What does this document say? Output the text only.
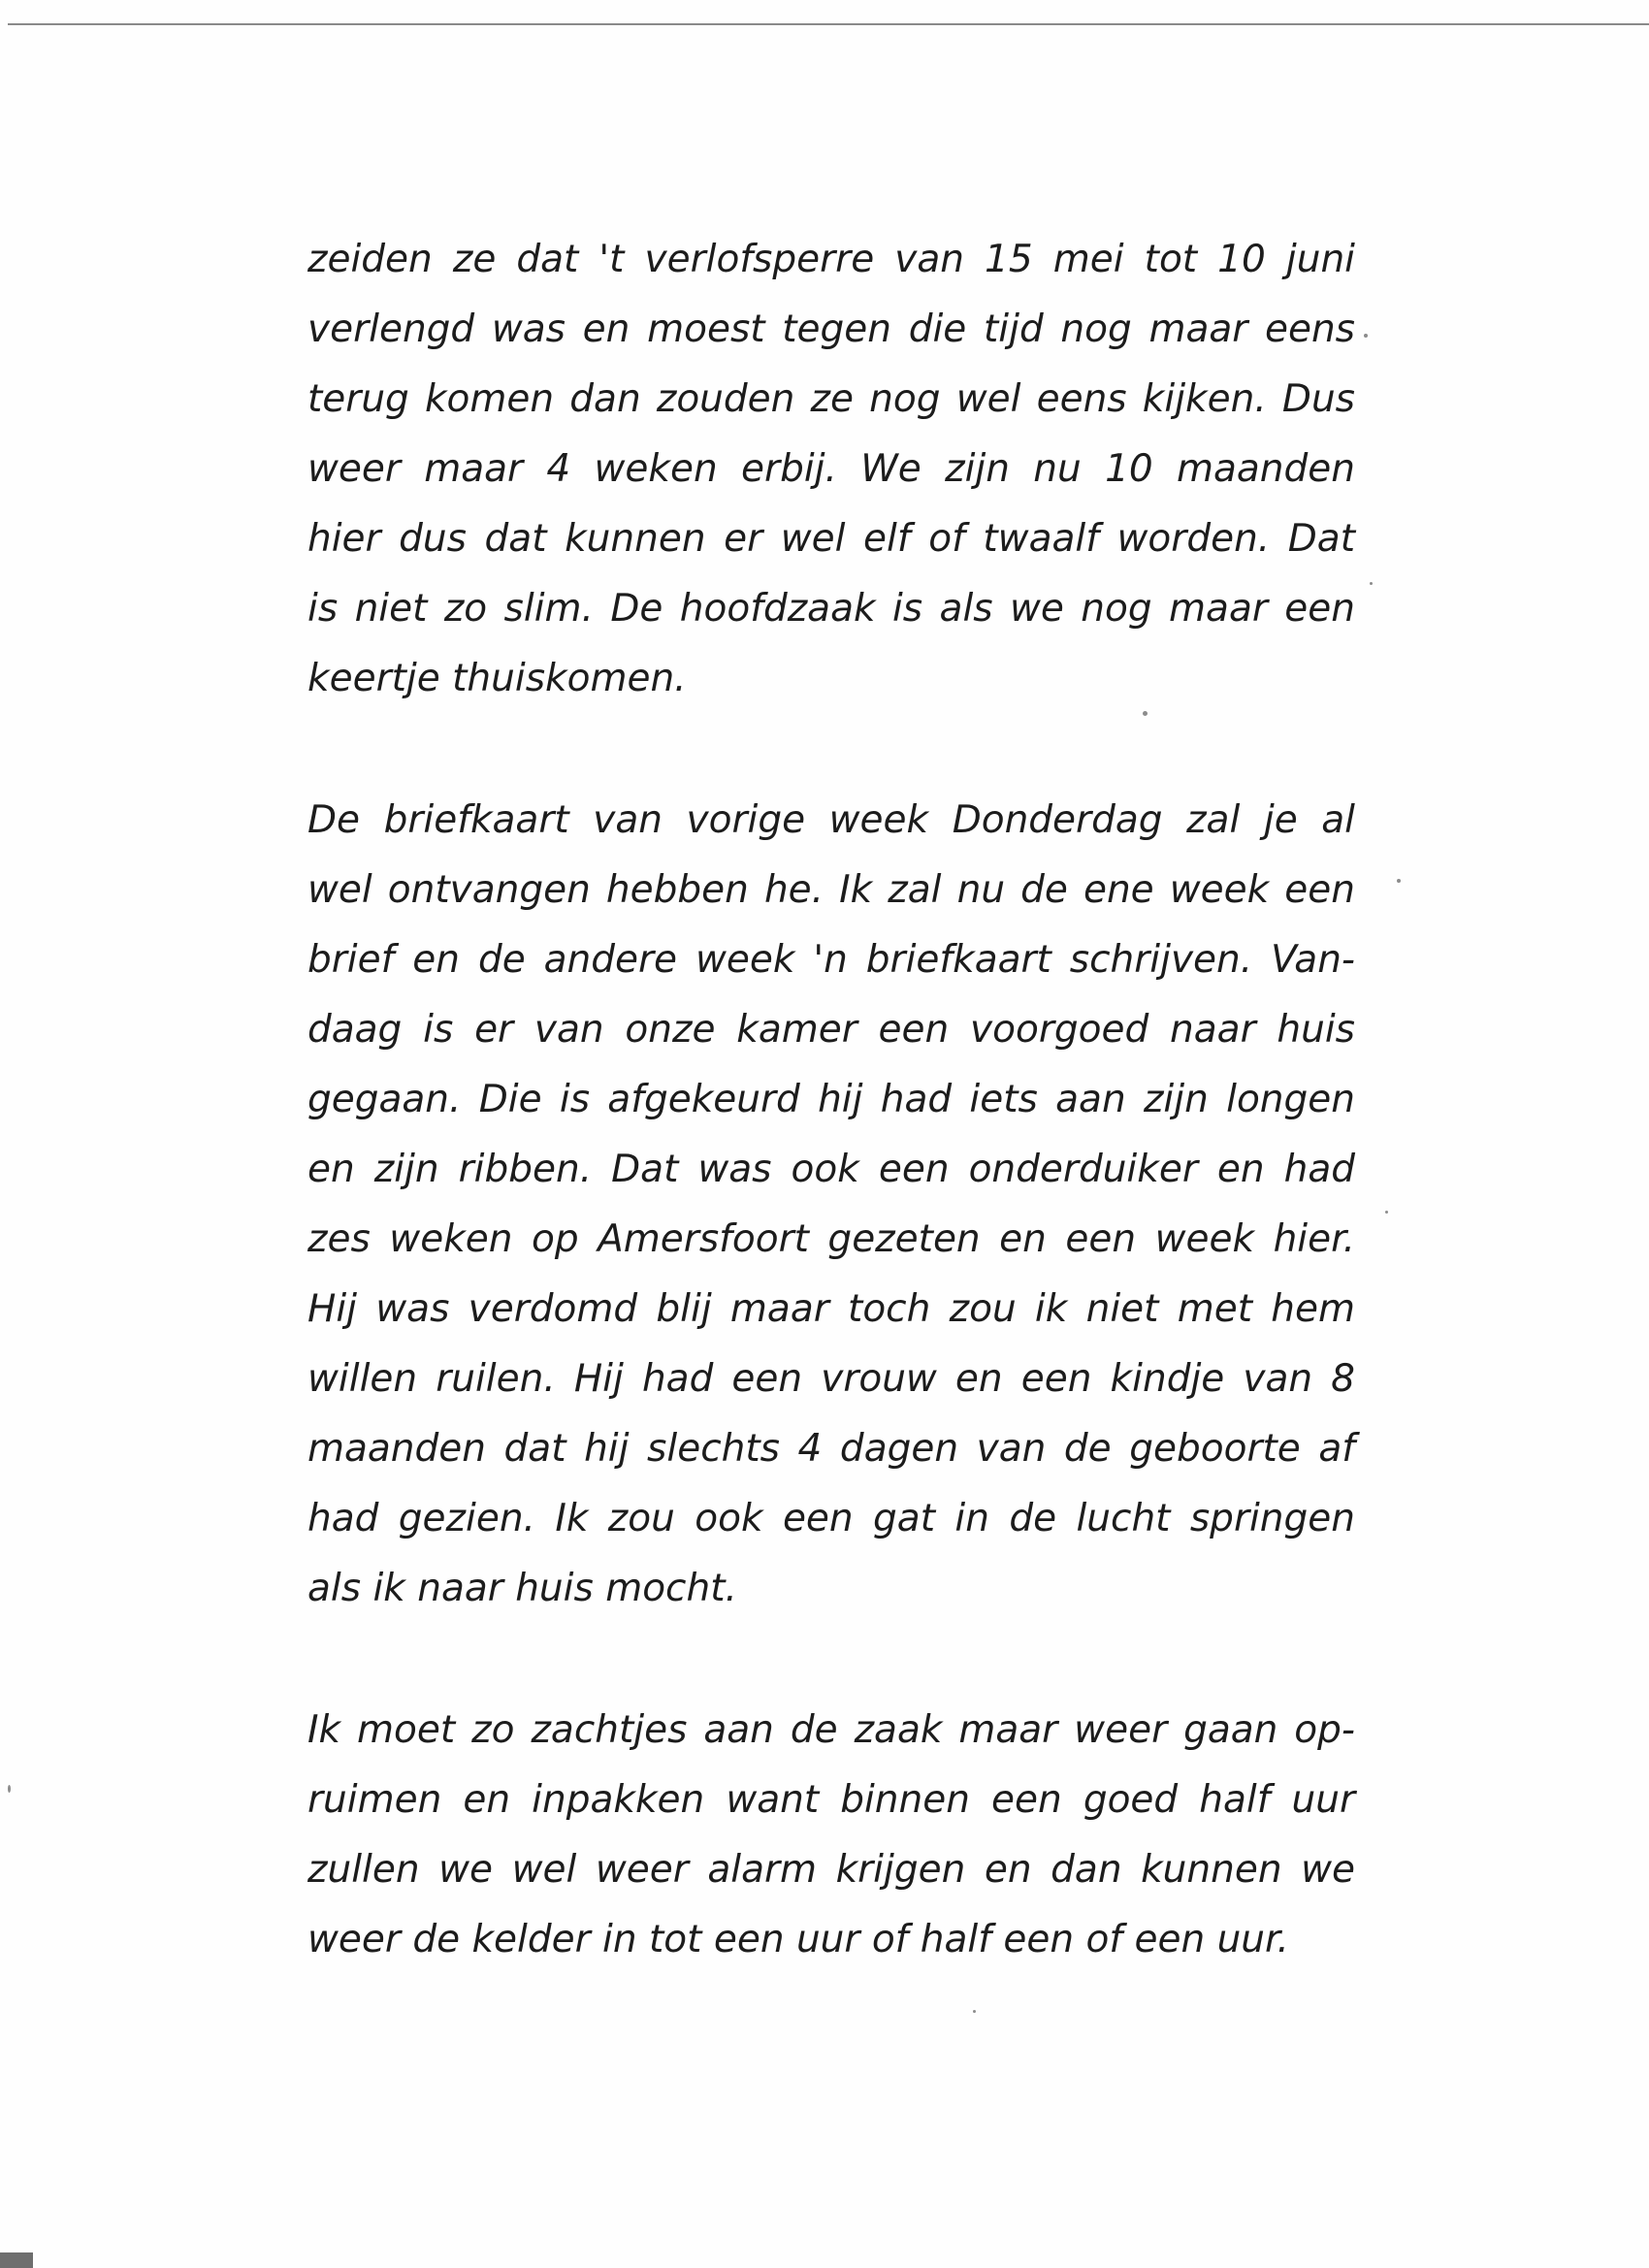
zeiden ze dat 't verlofsperre van 15 mei tot 10 juni
verlengd was en moest tegen die tijd nog maar eens
terug komen dan zouden ze nog wel eens kijken. Dus
weer maar 4 weken erbij. We zijn nu 10 maanden
hier dus dat kunnen er wel elf of twaalf worden. Dat
is niet zo slim. De hoofdzaak is als we nog maar een
keertje thuiskomen.

De briefkaart van vorige week Donderdag zal je al
wel ontvangen hebben he. Ik zal nu de ene week een
brief en de andere week 'n briefkaart schrijven. Van-
daag is er van onze kamer een voorgoed naar huis
gegaan. Die is afgekeurd hij had iets aan zijn longen
en zijn ribben. Dat was ook een onderduiker en had
zes weken op Amersfoort gezeten en een week hier.
Hij was verdomd blij maar toch zou ik niet met hem
willen ruilen. Hij had een vrouw en een kindje van 8
maanden dat hij slechts 4 dagen van de geboorte af
had gezien. Ik zou ook een gat in de lucht springen
als ik naar huis mocht.

Ik moet zo zachtjes aan de zaak maar weer gaan op-
ruimen en inpakken want binnen een goed half uur
zullen we wel weer alarm krijgen en dan kunnen we
weer de kelder in tot een uur of half een of een uur.
